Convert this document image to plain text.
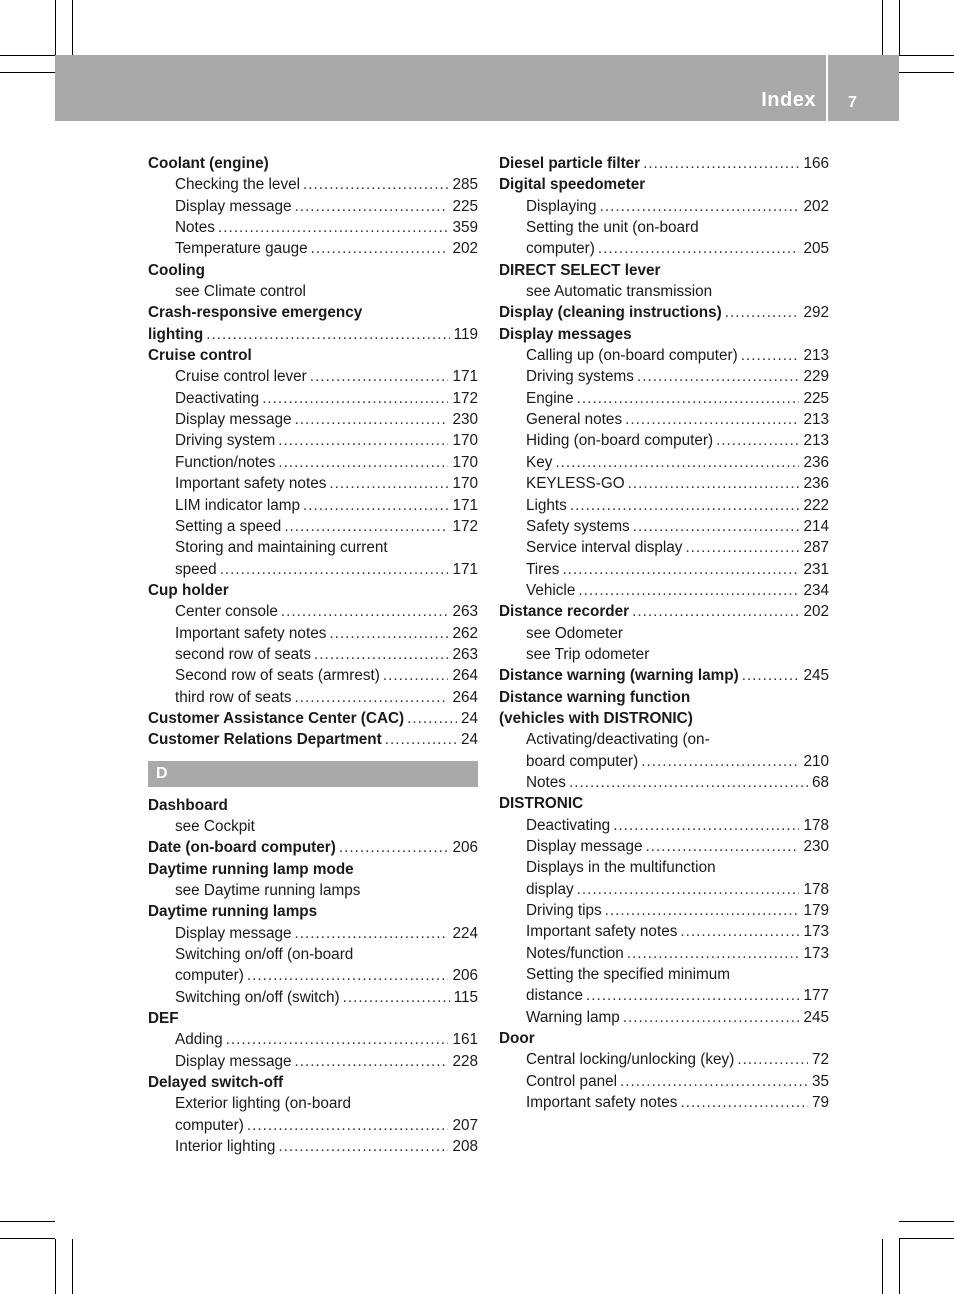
Index 7
Coolant (engine)
Checking the level .....	285
Display message .....	225
Notes .....	359
Temperature gauge .....	202
Cooling
see Climate control
Crash-responsive emergency
lighting .....	119
Cruise control
Cruise control lever .....	171
Deactivating .....	172
Display message .....	230
Driving system .....	170
Function/notes .....	170
Important safety notes .....	170
LIM indicator lamp .....	171
Setting a speed .....	172
Storing and maintaining current
speed .....	171
Cup holder
Center console .....	263
Important safety notes .....	262
second row of seats .....	263
Second row of seats (armrest) .....	264
third row of seats .....	264
Customer Assistance Center (CAC) .....	24
Customer Relations Department .....	24
D
Dashboard
see Cockpit
Date (on-board computer) .....	206
Daytime running lamp mode
see Daytime running lamps
Daytime running lamps
Display message .....	224
Switching on/off (on-board
computer) .....	206
Switching on/off (switch) .....	115
DEF
Adding .....	161
Display message .....	228
Delayed switch-off
Exterior lighting (on-board
computer) .....	207
Interior lighting .....	208
Diesel particle filter .....	166
Digital speedometer
Displaying .....	202
Setting the unit (on-board
computer) .....	205
DIRECT SELECT lever
see Automatic transmission
Display (cleaning instructions) .....	292
Display messages
Calling up (on-board computer) .....	213
Driving systems .....	229
Engine .....	225
General notes .....	213
Hiding (on-board computer) .....	213
Key .....	236
KEYLESS-GO .....	236
Lights .....	222
Safety systems .....	214
Service interval display .....	287
Tires .....	231
Vehicle .....	234
Distance recorder .....	202
see Odometer
see Trip odometer
Distance warning (warning lamp) .....	245
Distance warning function
(vehicles with DISTRONIC)
Activating/deactivating (on-
board computer) .....	210
Notes .....	68
DISTRONIC
Deactivating .....	178
Display message .....	230
Displays in the multifunction
display .....	178
Driving tips .....	179
Important safety notes .....	173
Notes/function .....	173
Setting the specified minimum
distance .....	177
Warning lamp .....	245
Door
Central locking/unlocking (key) .....	72
Control panel .....	35
Important safety notes .....	79
